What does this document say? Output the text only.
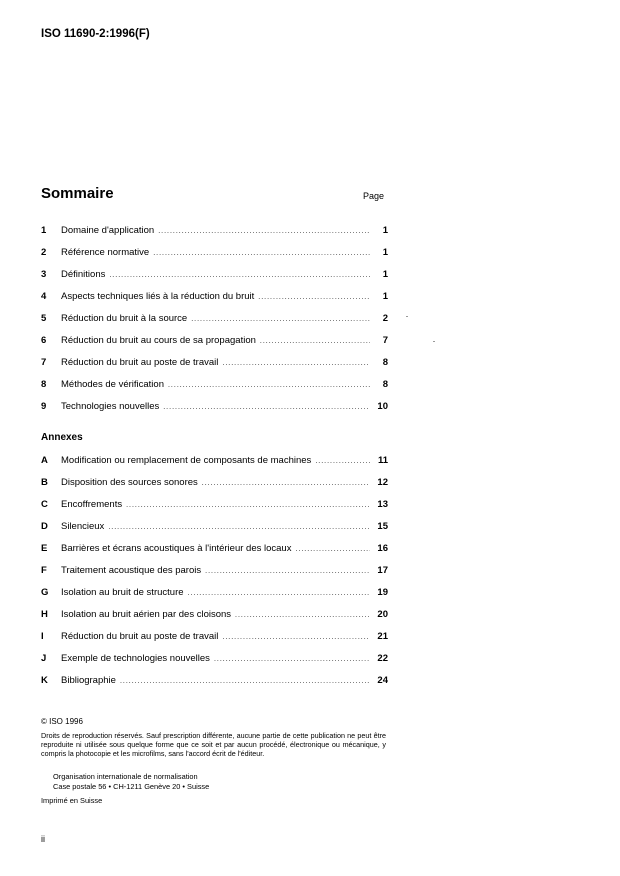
ISO 11690-2:1996(F)
Sommaire	Page
1	Domaine d'application .....	1
2	Référence normative .....	1
3	Définitions .....	1
4	Aspects techniques liés à la réduction du bruit .....	1
5	Réduction du bruit à la source .....	2
6	Réduction du bruit au cours de sa propagation .....	7
7	Réduction du bruit au poste de travail .....	8
8	Méthodes de vérification .....	8
9	Technologies nouvelles .....	10
Annexes
A	Modification ou remplacement de composants de machines .....	11
B	Disposition des sources sonores .....	12
C	Encoffrements .....	13
D	Silencieux .....	15
E	Barrières et écrans acoustiques à l'intérieur des locaux .....	16
F	Traitement acoustique des parois .....	17
G	Isolation au bruit de structure .....	19
H	Isolation au bruit aérien par des cloisons .....	20
I	Réduction du bruit au poste de travail .....	21
J	Exemple de technologies nouvelles .....	22
K	Bibliographie .....	24
© ISO 1996
Droits de reproduction réservés. Sauf prescription différente, aucune partie de cette publication ne peut être reproduite ni utilisée sous quelque forme que ce soit et par aucun procédé, électronique ou mécanique, y compris la photocopie et les microfilms, sans l'accord écrit de l'éditeur.
Organisation internationale de normalisation
Case postale 56 • CH-1211 Genève 20 • Suisse
Imprimé en Suisse
ii
